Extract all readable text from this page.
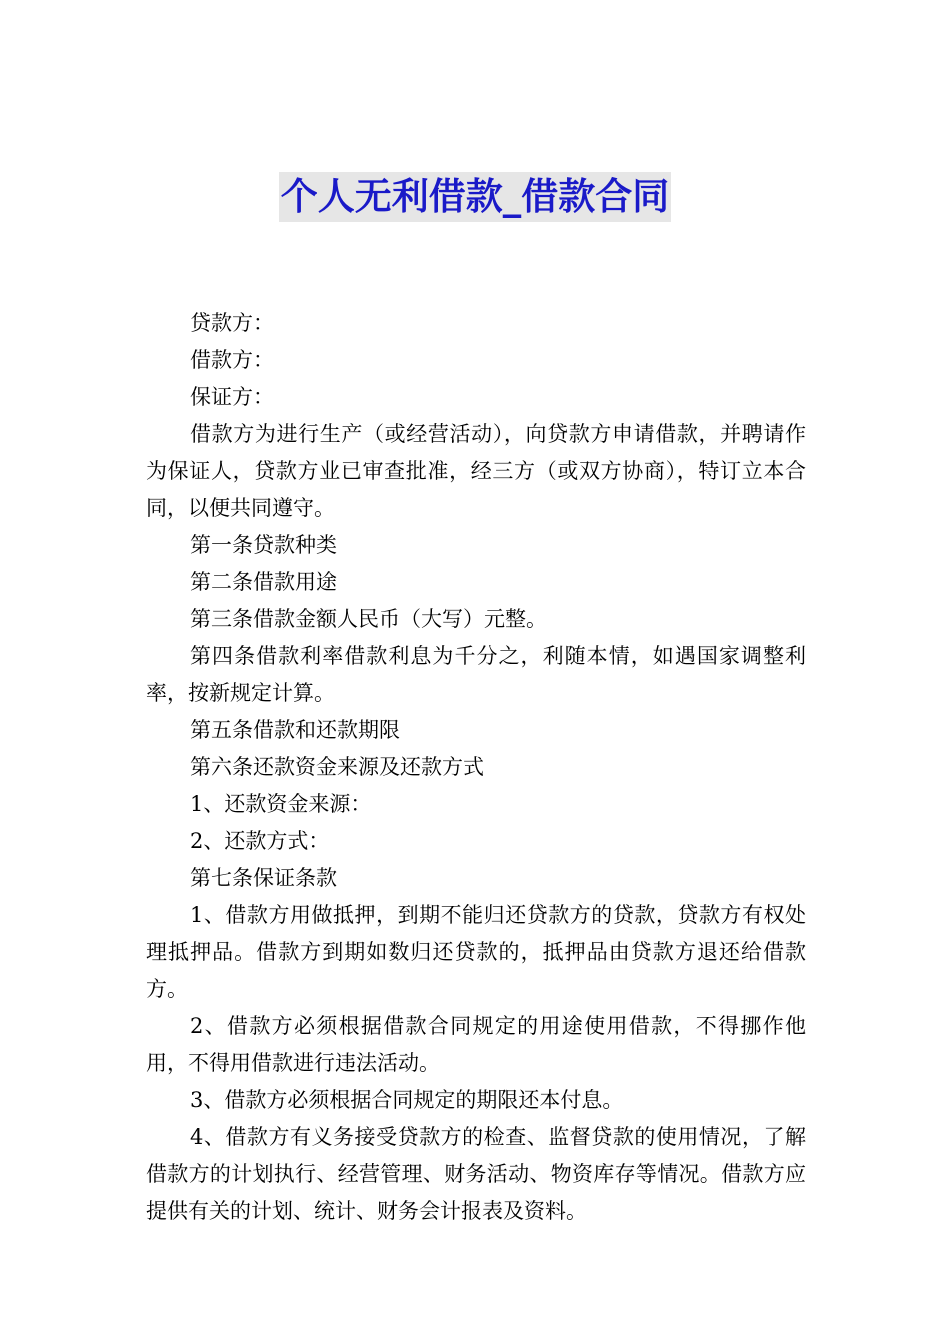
个人无利借款_借款合同

贷款方：

借款方：

保证方：

借款方为进行生产（或经营活动），向贷款方申请借款，并聘请作为保证人，贷款方业已审查批准，经三方（或双方协商），特订立本合同，以便共同遵守。

第一条贷款种类

第二条借款用途

第三条借款金额人民币（大写）元整。

第四条借款利率借款利息为千分之，利随本情，如遇国家调整利率，按新规定计算。

第五条借款和还款期限

第六条还款资金来源及还款方式

1、还款资金来源：

2、还款方式：

第七条保证条款

1、借款方用做抵押，到期不能归还贷款方的贷款，贷款方有权处理抵押品。借款方到期如数归还贷款的，抵押品由贷款方退还给借款方。

2、借款方必须根据借款合同规定的用途使用借款，不得挪作他用，不得用借款进行违法活动。

3、借款方必须根据合同规定的期限还本付息。

4、借款方有义务接受贷款方的检查、监督贷款的使用情况，了解借款方的计划执行、经营管理、财务活动、物资库存等情况。借款方应提供有关的计划、统计、财务会计报表及资料。
